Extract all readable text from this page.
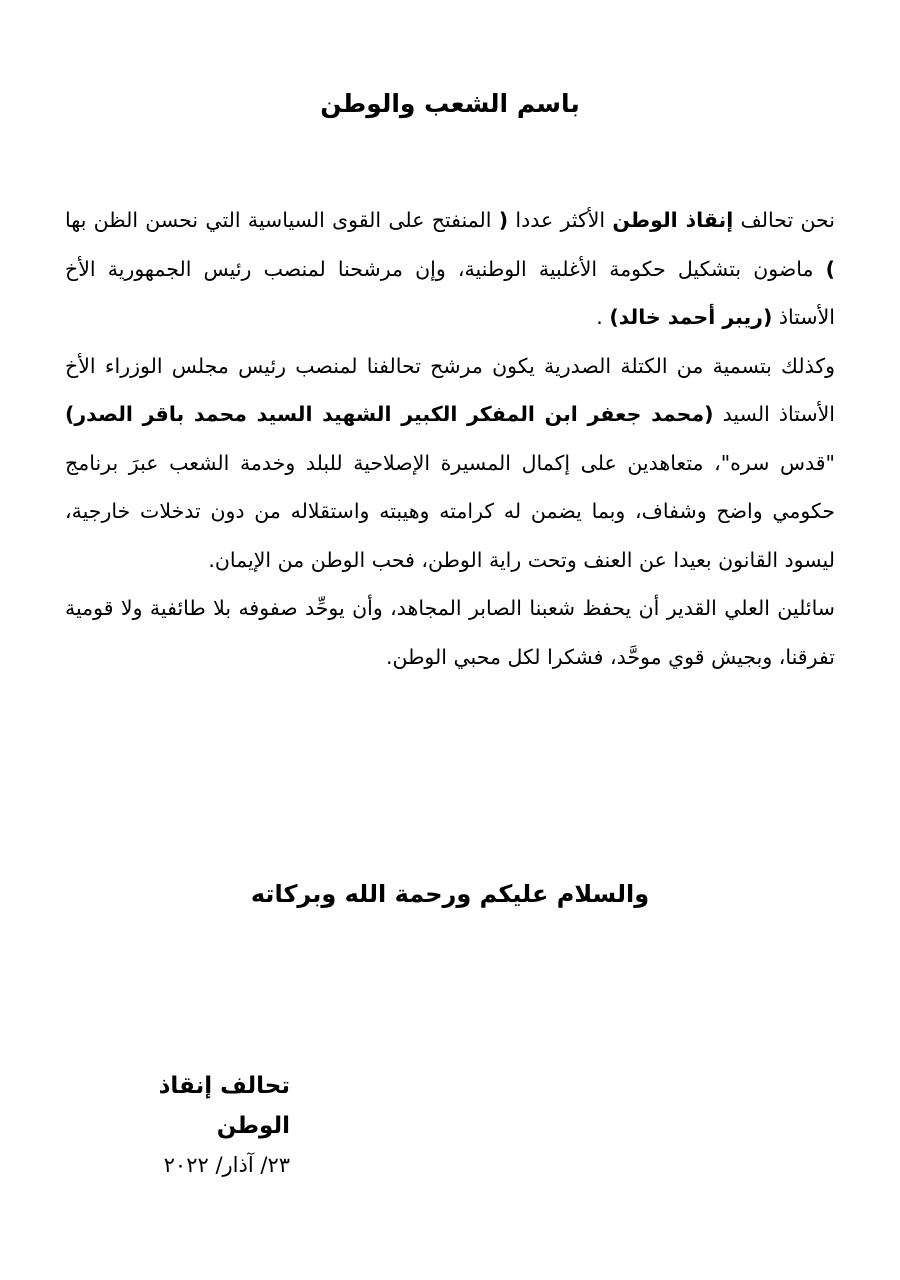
باسم الشعب والوطن

نحن تحالف إنقاذ الوطن الأكثر عددا ( المنفتح على القوى السياسية التي نحسن الظن بها ) ماضون بتشكيل حكومة الأغلبية الوطنية، وإن مرشحنا لمنصب رئيس الجمهورية الأخ الأستاذ (ريبر أحمد خالد) .

وكذلك بتسمية من الكتلة الصدرية يكون مرشح تحالفنا لمنصب رئيس مجلس الوزراء الأخ الأستاذ السيد (محمد جعفر ابن المفكر الكبير الشهيد السيد محمد باقر الصدر) "قدس سره"، متعاهدين على إكمال المسيرة الإصلاحية للبلد وخدمة الشعب عبرَ برنامج حكومي واضح وشفاف، وبما يضمن له كرامته وهيبته واستقلاله من دون تدخلات خارجية، ليسود القانون بعيدا عن العنف وتحت راية الوطن، فحب الوطن من الإيمان.

سائلين العلي القدير أن يحفظ شعبنا الصابر المجاهد، وأن يوحِّد صفوفه بلا طائفية ولا قومية تفرقنا، وبجيش قوي موحَّد، فشكرا لكل محبي الوطن.

والسلام عليكم ورحمة الله وبركاته
تحالف إنقاذ الوطن
٢٣/ آذار/ ٢٠٢٢
